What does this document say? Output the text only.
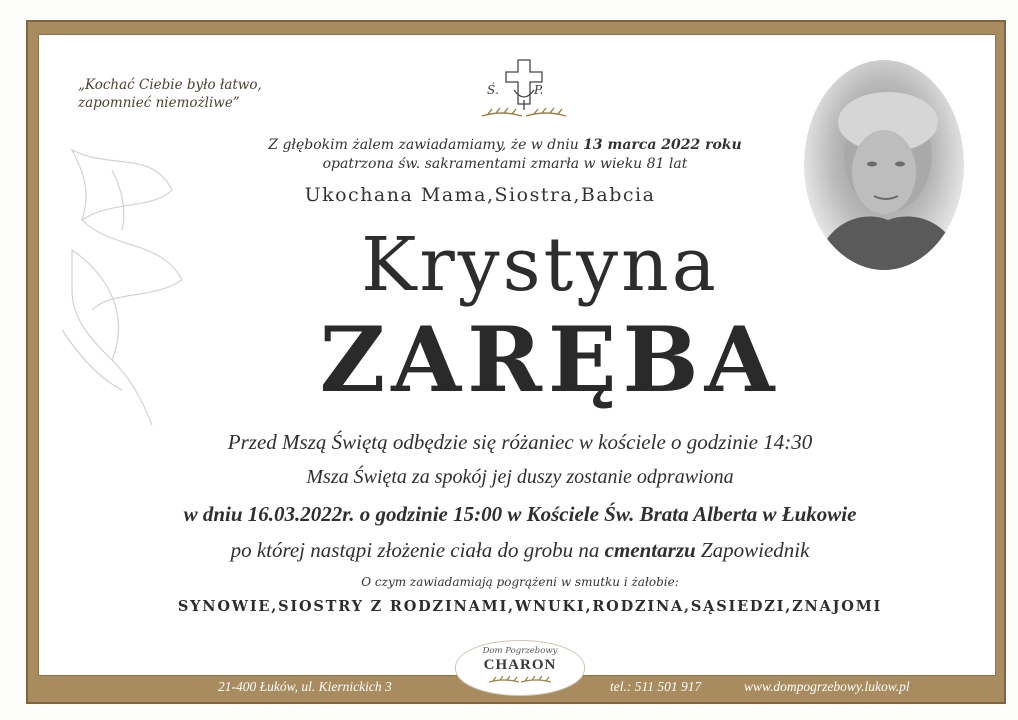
„Kochać Ciebie było łatwo,
zapomnieć niemożliwe”
Ś.	P.
Z głębokim żalem zawiadamiamy, że w dniu 13 marca 2022 roku
opatrzona św. sakramentami zmarła w wieku 81 lat
Ukochana Mama,Siostra,Babcia
Krystyna
ZARĘBA
Przed Mszą Świętą odbędzie się różaniec w kościele o godzinie 14:30
Msza Święta za spokój jej duszy zostanie odprawiona
w dniu 16.03.2022r. o godzinie 15:00 w Kościele Św. Brata Alberta w Łukowie
po której nastąpi złożenie ciała do grobu na cmentarzu Zapowiednik
O czym zawiadamiają pogrążeni w smutku i żałobie:
SYNOWIE,SIOSTRY Z RODZINAMI,WNUKI,RODZINA,SĄSIEDZI,ZNAJOMI
Dom Pogrzebowy
CHARON
21-400 Łuków, ul. Kiernickich 3	tel.: 511 501 917	www.dompogrzebowy.lukow.pl
